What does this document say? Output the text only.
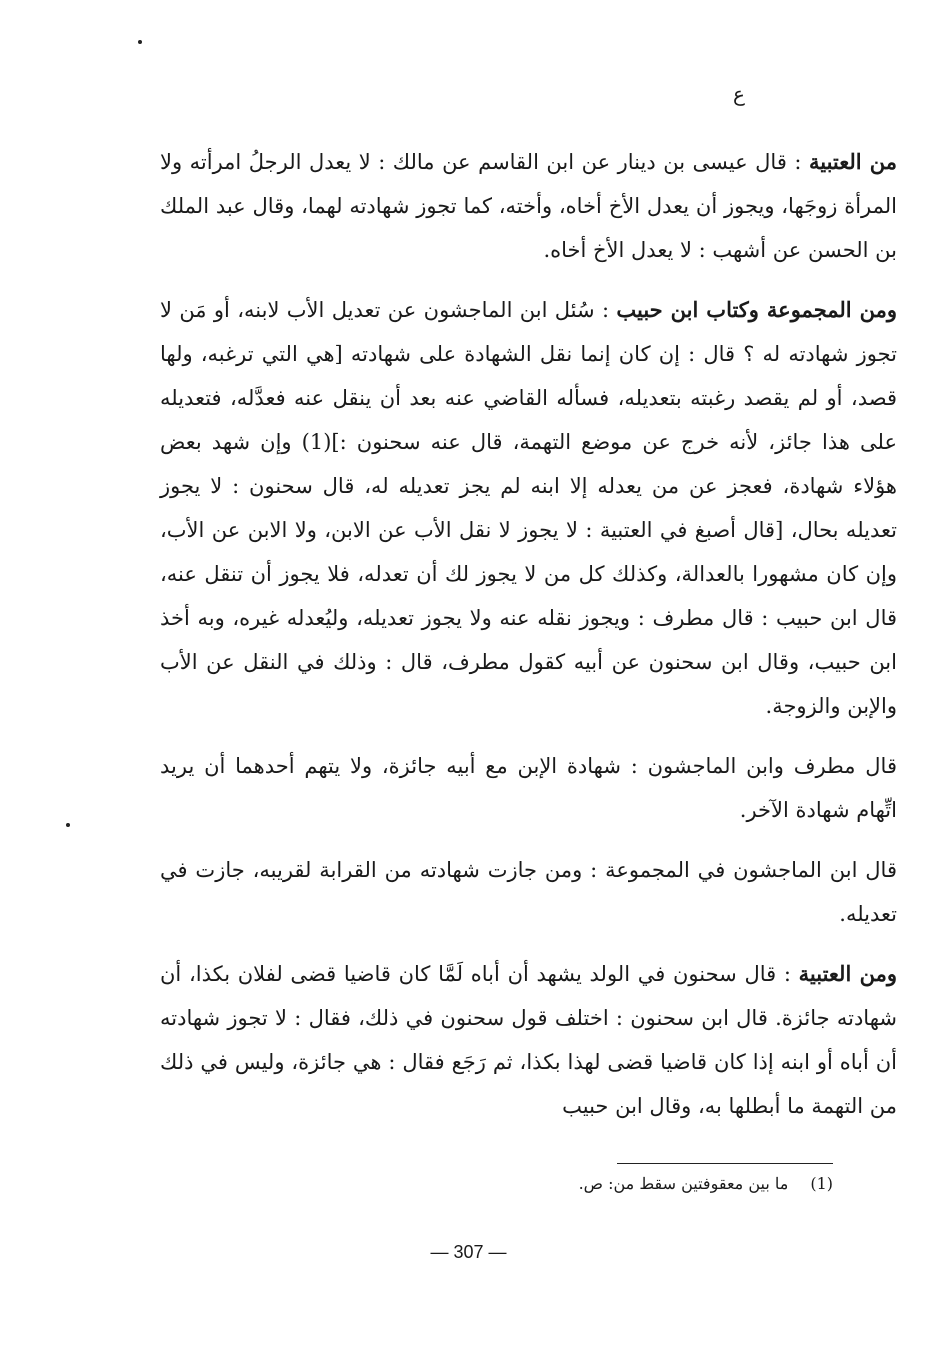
ع

من العتبية : قال عيسى بن دينار عن ابن القاسم عن مالك : لا يعدل الرجلُ امرأته ولا المرأة زوجَها، ويجوز أن يعدل الأخ أخاه، وأخته، كما تجوز شهادته لهما، وقال عبد الملك بن الحسن عن أشهب : لا يعدل الأخ أخاه.

ومن المجموعة وكتاب ابن حبيب : سُئل ابن الماجشون عن تعديل الأب لابنه، أو مَن لا تجوز شهادته له ؟ قال : إن كان إنما نقل الشهادة على شهادته [هي التي ترغبه، ولها قصد، أو لم يقصد رغبته بتعديله، فسأله القاضي عنه بعد أن ينقل عنه فعدَّله، فتعديله على هذا جائز، لأنه خرج عن موضع التهمة، قال عنه سحنون :](1) وإن شهد بعض هؤلاء شهادة، فعجز عن من يعدله إلا ابنه لم يجز تعديله له، قال سحنون : لا يجوز تعديله بحال، [قال أصبغ في العتبية : لا يجوز لا نقل الأب عن الابن، ولا الابن عن الأب، وإن كان مشهورا بالعدالة، وكذلك كل من لا يجوز لك أن تعدله، فلا يجوز أن تنقل عنه، قال ابن حبيب : قال مطرف : ويجوز نقله عنه ولا يجوز تعديله، وليُعدله غيره، وبه أخذ ابن حبيب، وقال ابن سحنون عن أبيه كقول مطرف، قال : وذلك في النقل عن الأب والإبن والزوجة.

قال مطرف وابن الماجشون : شهادة الإبن مع أبيه جائزة، ولا يتهم أحدهما أن يريد اتِّهام شهادة الآخر.

قال ابن الماجشون في المجموعة : ومن جازت شهادته من القرابة لقريبه، جازت في تعديله.

ومن العتبية : قال سحنون في الولد يشهد أن أباه لَمَّا كان قاضيا قضى لفلان بكذا، أن شهادته جائزة. قال ابن سحنون : اختلف قول سحنون في ذلك، فقال : لا تجوز شهادته أن أباه أو ابنه إذا كان قاضيا قضى لهذا بكذا، ثم رَجَع فقال : هي جائزة، وليس في ذلك من التهمة ما أبطلها به، وقال ابن حبيب

(1)ما بين معقوفتين سقط من: ص.
— 307 —
